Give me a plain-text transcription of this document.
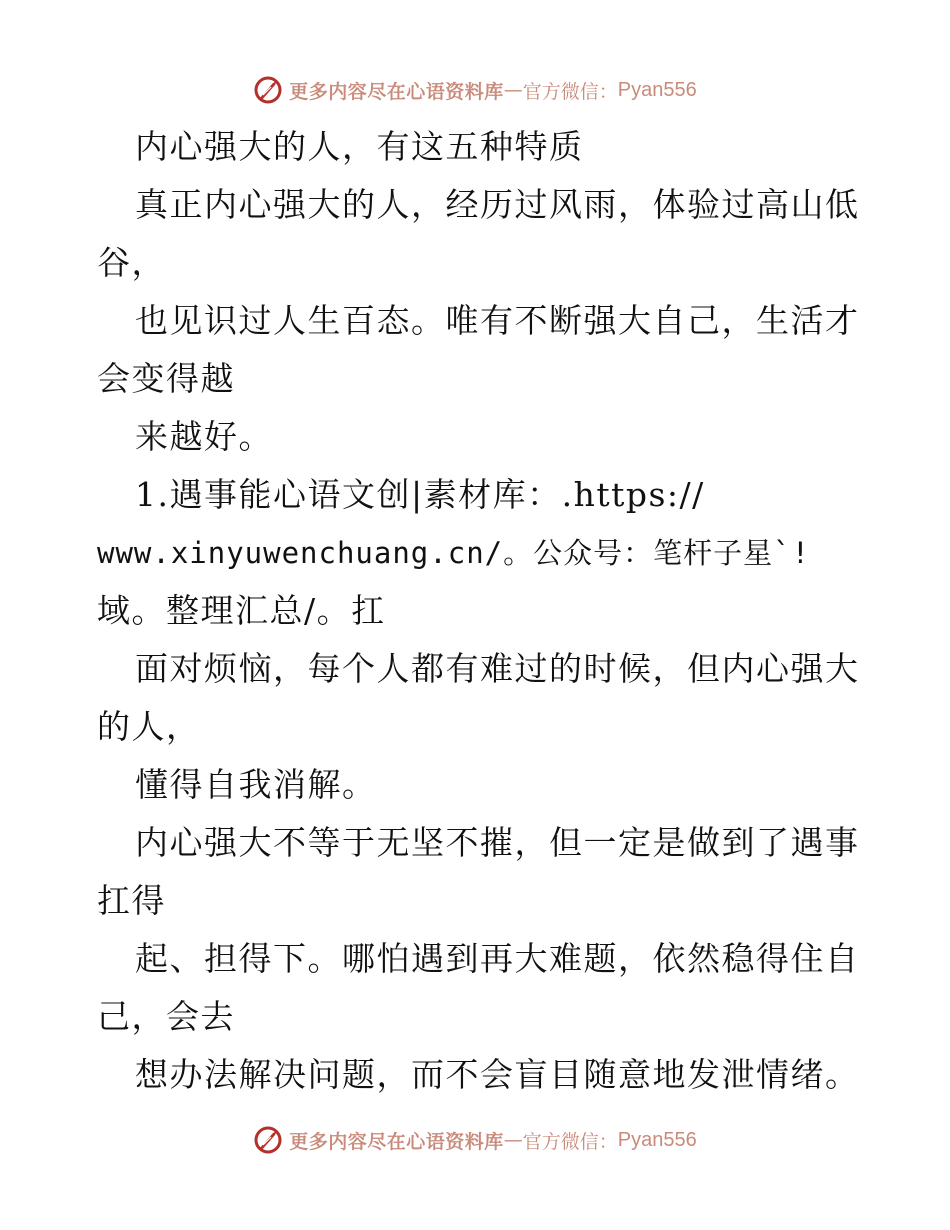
更多内容尽在心语资料库 — 官方微信： Pyan556
内心强大的人，有这五种特质
真正内心强大的人，经历过风雨，体验过高山低
谷，
也见识过人生百态。唯有不断强大自己，生活才
会变得越
来越好。
1.遇事能心语文创|素材库：.https://
www.xinyuwenchuang.cn/。公众号：笔杆子星`!
域。整理汇总/。扛
面对烦恼，每个人都有难过的时候，但内心强大
的人，
懂得自我消解。
内心强大不等于无坚不摧，但一定是做到了遇事
扛得
起、担得下。哪怕遇到再大难题，依然稳得住自
己，会去
想办法解决问题，而不会盲目随意地发泄情绪。
更多内容尽在心语资料库 — 官方微信： Pyan556
